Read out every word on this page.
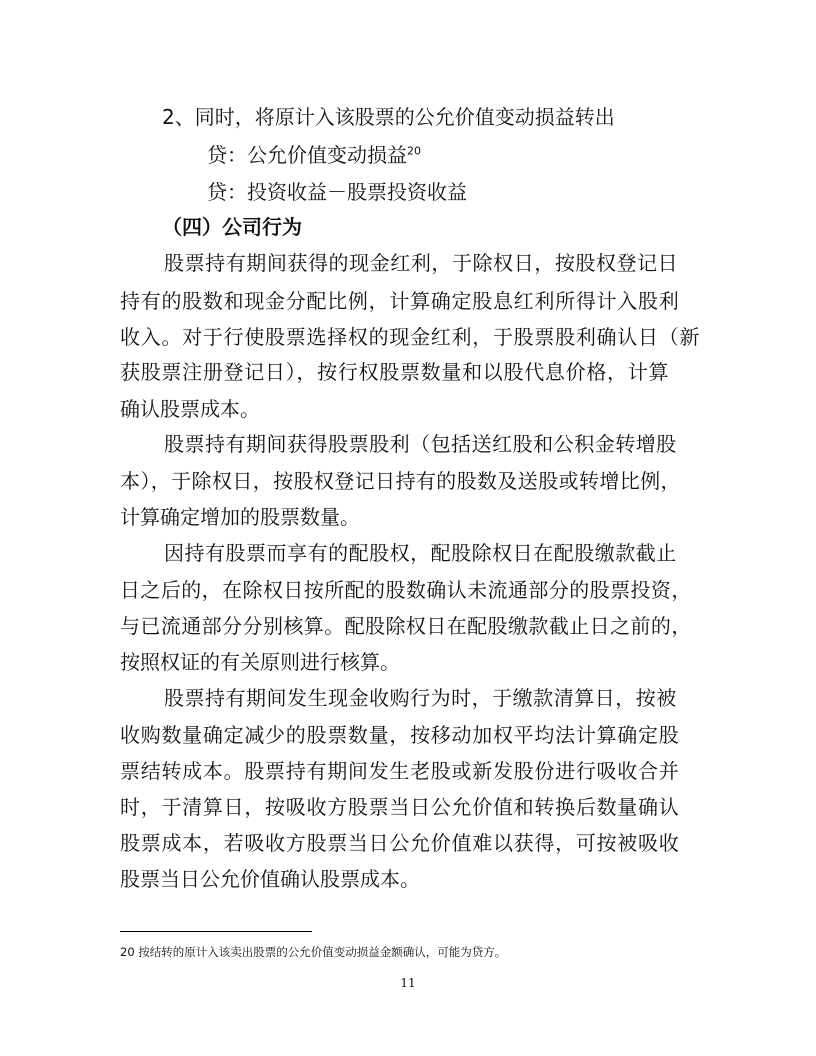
2、同时，将原计入该股票的公允价值变动损益转出
贷：公允价值变动损益$^{20}$
贷：投资收益－股票投资收益
（四）公司行为
股票持有期间获得的现金红利，于除权日，按股权登记日
持有的股数和现金分配比例，计算确定股息红利所得计入股利
收入。对于行使股票选择权的现金红利，于股票股利确认日（新
获股票注册登记日），按行权股票数量和以股代息价格，计算
确认股票成本。
股票持有期间获得股票股利（包括送红股和公积金转增股
本），于除权日，按股权登记日持有的股数及送股或转增比例，
计算确定增加的股票数量。
因持有股票而享有的配股权，配股除权日在配股缴款截止
日之后的，在除权日按所配的股数确认未流通部分的股票投资，
与已流通部分分别核算。配股除权日在配股缴款截止日之前的，
按照权证的有关原则进行核算。
股票持有期间发生现金收购行为时，于缴款清算日，按被
收购数量确定减少的股票数量，按移动加权平均法计算确定股
票结转成本。股票持有期间发生老股或新发股份进行吸收合并
时，于清算日，按吸收方股票当日公允价值和转换后数量确认
股票成本，若吸收方股票当日公允价值难以获得，可按被吸收
股票当日公允价值确认股票成本。
20 按结转的原计入该卖出股票的公允价值变动损益金额确认，可能为贷方。
11
